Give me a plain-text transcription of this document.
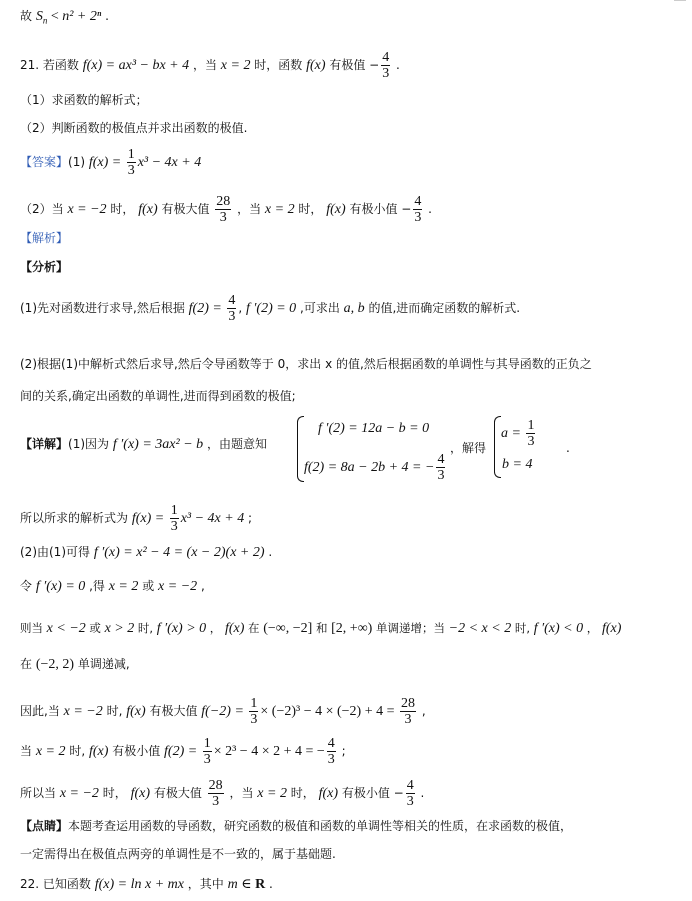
故 $S_n < n^2 + 2^n$ .
21. 若函数 f(x) = ax³ − bx + 4 ，当 x = 2 时，函数 f(x) 有极值 − $\frac{4}{3}$ .
（1）求函数的解析式；
（2）判断函数的极值点并求出函数的极值.
【答案】(1) $f(x) = \frac{1}{3} x^3 - 4x + 4$
（2）当 x = −2 时， f(x) 有极大值 $\frac{28}{3}$ ，当 x = 2 时， f(x) 有极小值 − $\frac{4}{3}$ .
【解析】
【分析】
(1)先对函数进行求导,然后根据 $f(2) = \frac{4}{3}$ , f ′(2) = 0 ,可求出 a, b 的值,进而确定函数的解析式.
(2)根据(1)中解析式然后求导,然后令导函数等于 0，求出 x 的值,然后根据函数的单调性与其导函数的正负之
间的关系,确定出函数的单调性,进而得到函数的极值;
【详解】(1)因为 f ′(x) = 3ax² − b ，由题意知
f ′(2) = 12a − b = 0
f(2) = 8a − 2b + 4 = − $\frac{4}{3}$
，解得
$a = \frac{1}{3}$
b = 4
.
所以所求的解析式为 $f(x) = \frac{1}{3} x^3 - 4x + 4$ ;
(2)由(1)可得 f ′(x) = x² − 4 = (x − 2)(x + 2) .
令 f ′(x) = 0 ,得 x = 2 或 x = −2 ,
则当 x < −2 或 x > 2 时, f ′(x) > 0 ， f(x) 在 (−∞, −2] 和 [2, +∞) 单调递增；当 −2 < x < 2 时, f ′(x) < 0 ， f(x)
在 (−2, 2) 单调递减,
因此,当 x = −2 时, f(x) 有极大值 $f(-2) = \frac{1}{3} \times (-2)^3 - 4 \times (-2) + 4 = \frac{28}{3}$ ,
当 x = 2 时, f(x) 有极小值 $f(2) = \frac{1}{3} \times 2^3 - 4 \times 2 + 4$ = − $\frac{4}{3}$ ;
所以当 x = −2 时， f(x) 有极大值 $\frac{28}{3}$ ，当 x = 2 时， f(x) 有极小值 − $\frac{4}{3}$ .
【点睛】本题考查运用函数的导函数，研究函数的极值和函数的单调性等相关的性质，在求函数的极值，
一定需得出在极值点两旁的单调性是不一致的，属于基础题.
22. 已知函数 f(x) = ln x + mx ，其中 m ∈ R .
